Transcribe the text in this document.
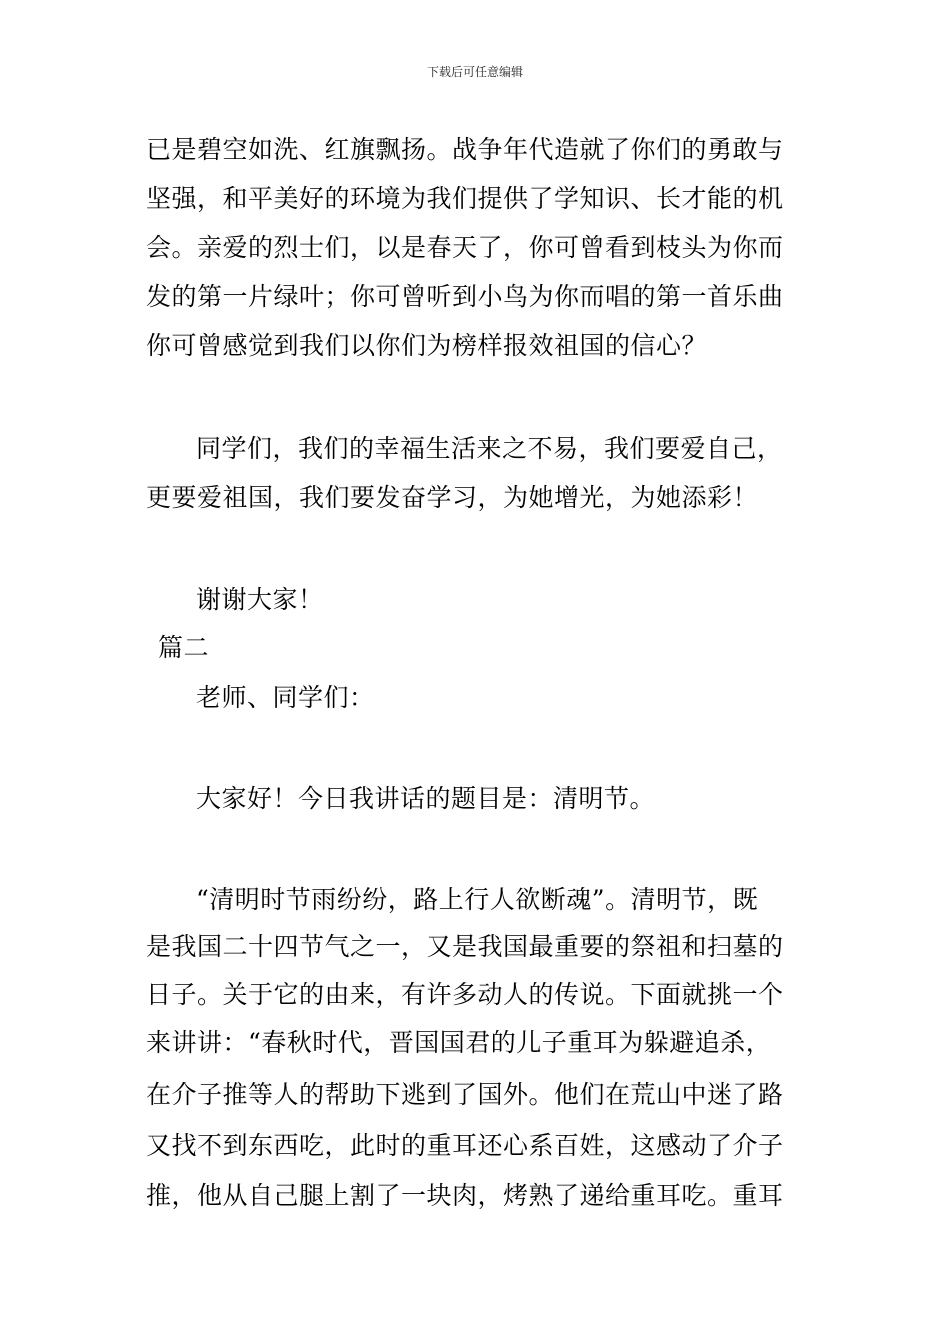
下载后可任意编辑
已是碧空如洗、红旗飘扬。战争年代造就了你们的勇敢与
坚强，和平美好的环境为我们提供了学知识、长才能的机
会。亲爱的烈士们，以是春天了，你可曾看到枝头为你而
发的第一片绿叶；你可曾听到小鸟为你而唱的第一首乐曲
你可曾感觉到我们以你们为榜样报效祖国的信心？
同学们，我们的幸福生活来之不易，我们要爱自己，
更要爱祖国，我们要发奋学习，为她增光，为她添彩！
谢谢大家！
篇二
老师、同学们：
大家好！今日我讲话的题目是：清明节。
“清明时节雨纷纷，路上行人欲断魂”。清明节，既
是我国二十四节气之一，又是我国最重要的祭祖和扫墓的
日子。关于它的由来，有许多动人的传说。下面就挑一个
来讲讲：“春秋时代，晋国国君的儿子重耳为躲避追杀，
在介子推等人的帮助下逃到了国外。他们在荒山中迷了路
又找不到东西吃，此时的重耳还心系百姓，这感动了介子
推，他从自己腿上割了一块肉，烤熟了递给重耳吃。重耳
